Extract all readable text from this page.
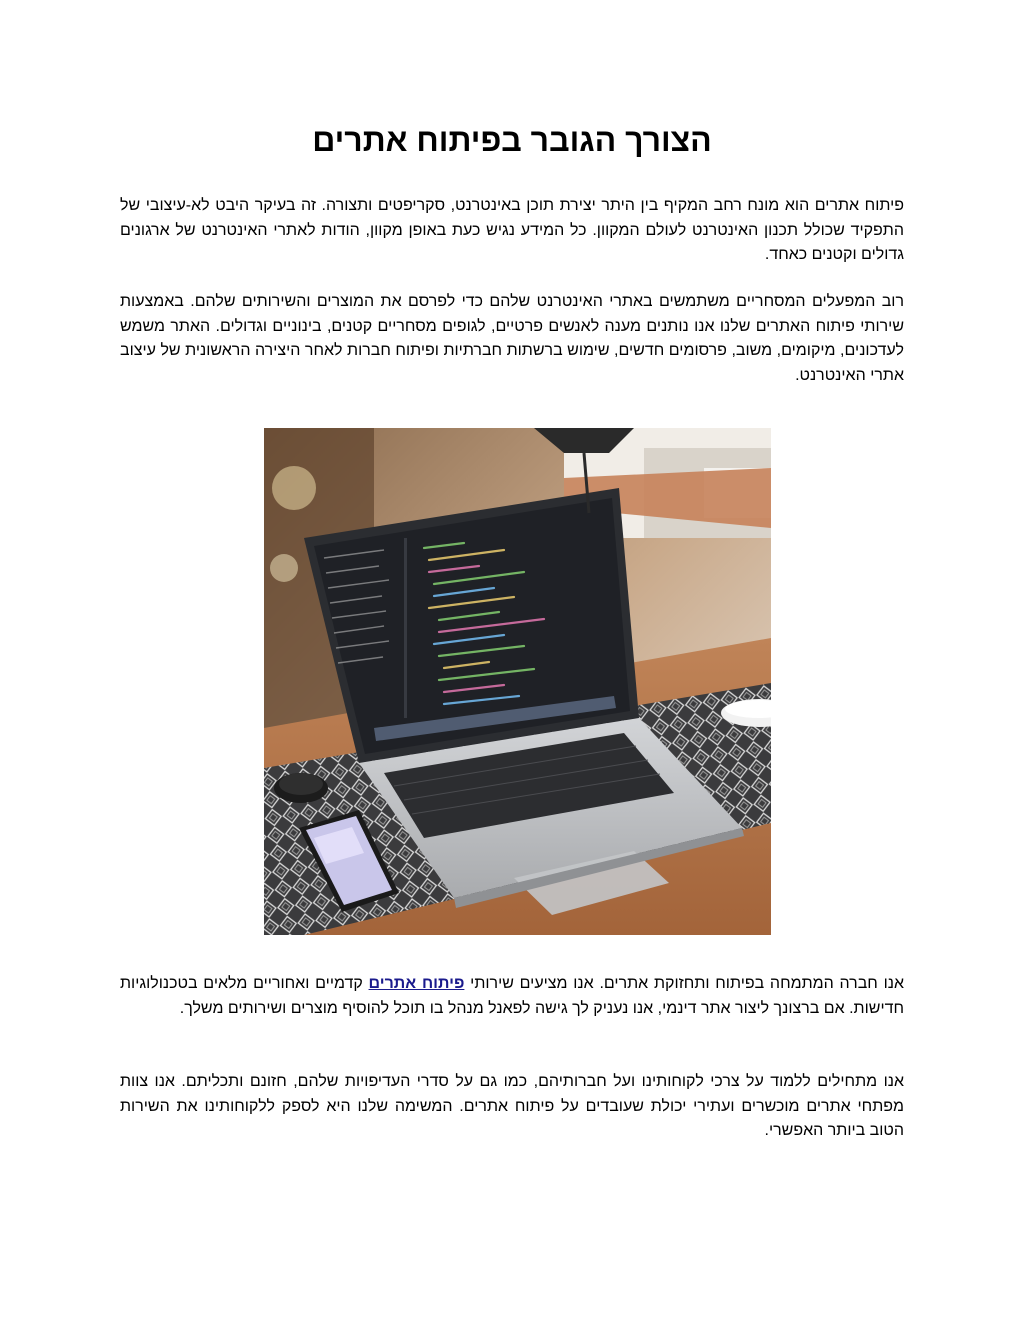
הצורך הגובר בפיתוח אתרים

פיתוח אתרים הוא מונח רחב המקיף בין היתר יצירת תוכן באינטרנט, סקריפטים ותצורה. זה בעיקר היבט לא-עיצובי של התפקיד שכולל תכנון האינטרנט לעולם המקוון. כל המידע נגיש כעת באופן מקוון, הודות לאתרי האינטרנט של ארגונים גדולים וקטנים כאחד.

רוב המפעלים המסחריים משתמשים באתרי האינטרנט שלהם כדי לפרסם את המוצרים והשירותים שלהם. באמצעות שירותי פיתוח האתרים שלנו אנו נותנים מענה לאנשים פרטיים, לגופים מסחריים קטנים, בינוניים וגדולים. האתר משמש לעדכונים, מיקומים, משוב, פרסומים חדשים, שימוש ברשתות חברתיות ופיתוח חברות לאחר היצירה הראשונית של עיצוב אתרי האינטרנט.

אנו חברה המתמחה בפיתוח ותחזוקת אתרים. אנו מציעים שירותי פיתוח אתרים קדמיים ואחוריים מלאים בטכנולוגיות חדישות. אם ברצונך ליצור אתר דינמי, אנו נעניק לך גישה לפאנל מנהל בו תוכל להוסיף מוצרים ושירותים משלך.

אנו מתחילים ללמוד על צרכי לקוחותינו ועל חברותיהם, כמו גם על סדרי העדיפויות שלהם, חזונם ותכליתם. אנו צוות מפתחי אתרים מוכשרים ועתירי יכולת שעובדים על פיתוח אתרים. המשימה שלנו היא לספק ללקוחותינו את השירות הטוב ביותר האפשרי.
